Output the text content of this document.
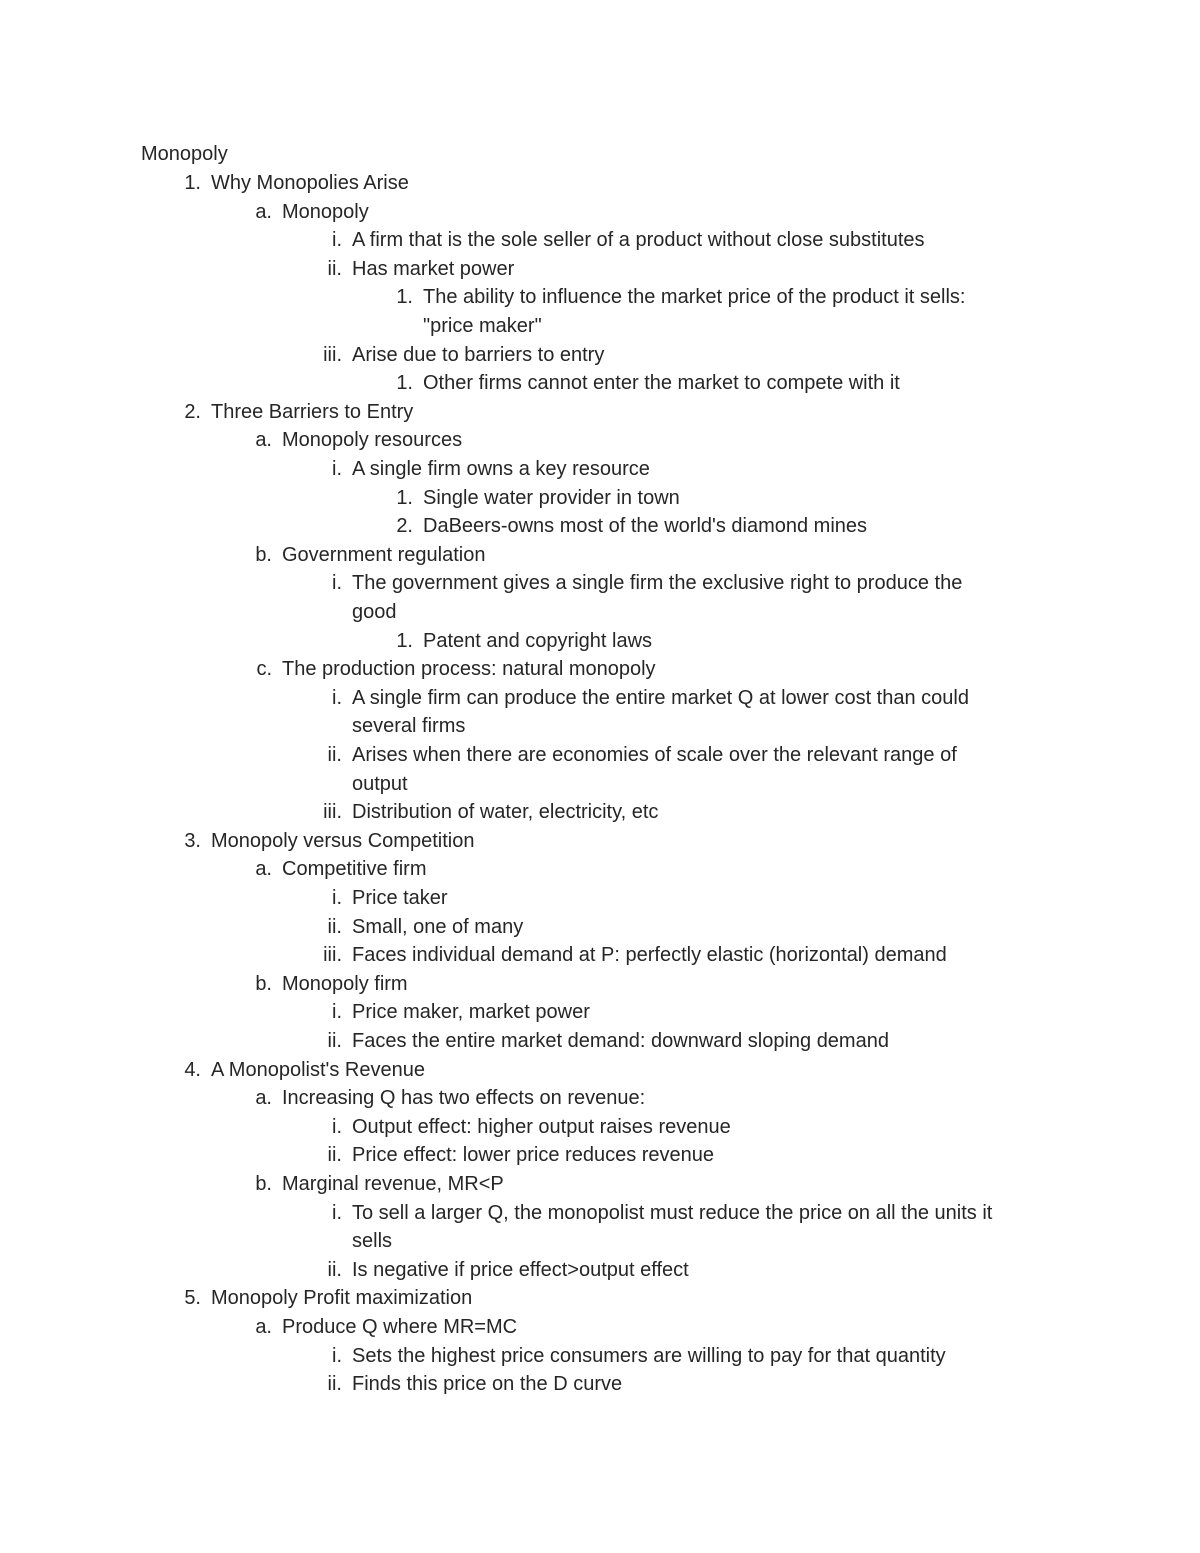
Monopoly
1. Why Monopolies Arise
a. Monopoly
i. A firm that is the sole seller of a product without close substitutes
ii. Has market power
1. The ability to influence the market price of the product it sells:
"price maker"
iii. Arise due to barriers to entry
1. Other firms cannot enter the market to compete with it
2. Three Barriers to Entry
a. Monopoly resources
i. A single firm owns a key resource
1. Single water provider in town
2. DaBeers-owns most of the world's diamond mines
b. Government regulation
i. The government gives a single firm the exclusive right to produce the
good
1. Patent and copyright laws
c. The production process: natural monopoly
i. A single firm can produce the entire market Q at lower cost than could
several firms
ii. Arises when there are economies of scale over the relevant range of
output
iii. Distribution of water, electricity, etc
3. Monopoly versus Competition
a. Competitive firm
i. Price taker
ii. Small, one of many
iii. Faces individual demand at P: perfectly elastic (horizontal) demand
b. Monopoly firm
i. Price maker, market power
ii. Faces the entire market demand: downward sloping demand
4. A Monopolist's Revenue
a. Increasing Q has two effects on revenue:
i. Output effect: higher output raises revenue
ii. Price effect: lower price reduces revenue
b. Marginal revenue, MR<P
i. To sell a larger Q, the monopolist must reduce the price on all the units it
sells
ii. Is negative if price effect>output effect
5. Monopoly Profit maximization
a. Produce Q where MR=MC
i. Sets the highest price consumers are willing to pay for that quantity
ii. Finds this price on the D curve
